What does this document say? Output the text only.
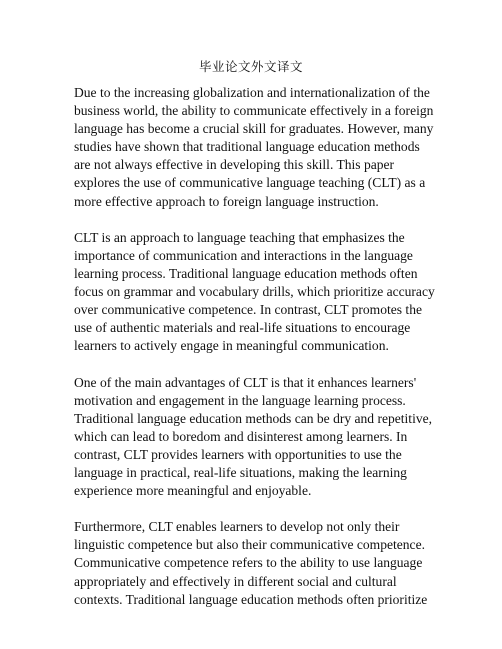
毕业论文外文译文

Due to the increasing globalization and internationalization of the business world, the ability to communicate effectively in a foreign language has become a crucial skill for graduates. However, many studies have shown that traditional language education methods are not always effective in developing this skill. This paper explores the use of communicative language teaching (CLT) as a more effective approach to foreign language instruction.

CLT is an approach to language teaching that emphasizes the importance of communication and interactions in the language learning process. Traditional language education methods often focus on grammar and vocabulary drills, which prioritize accuracy over communicative competence. In contrast, CLT promotes the use of authentic materials and real-life situations to encourage learners to actively engage in meaningful communication.

One of the main advantages of CLT is that it enhances learners' motivation and engagement in the language learning process. Traditional language education methods can be dry and repetitive, which can lead to boredom and disinterest among learners. In contrast, CLT provides learners with opportunities to use the language in practical, real-life situations, making the learning experience more meaningful and enjoyable.

Furthermore, CLT enables learners to develop not only their linguistic competence but also their communicative competence. Communicative competence refers to the ability to use language appropriately and effectively in different social and cultural contexts. Traditional language education methods often prioritize
